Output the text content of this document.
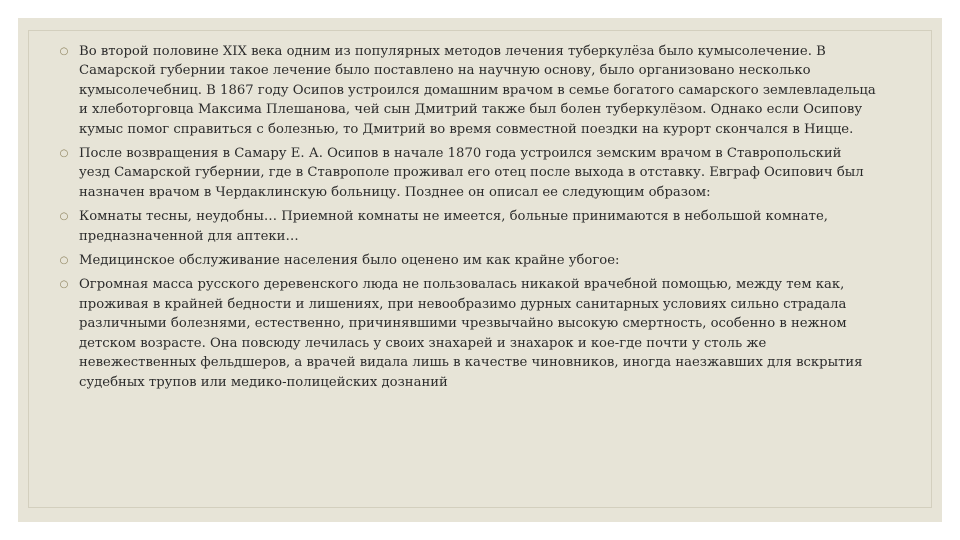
○ Во второй половине XIX века одним из популярных методов лечения туберкулёза было кумысолечение. В Самарской губернии такое лечение было поставлено на научную основу, было организовано несколько кумысолечебниц. В 1867 году Осипов устроился домашним врачом в семье богатого самарского землевладельца и хлеботорговца Максима Плешанова, чей сын Дмитрий также был болен туберкулёзом. Однако если Осипову кумыс помог справиться с болезнью, то Дмитрий во время совместной поездки на курорт скончался в Ницце.
○ После возвращения в Самару Е. А. Осипов в начале 1870 года устроился земским врачом в Ставропольский уезд Самарской губернии, где в Ставрополе проживал его отец после выхода в отставку. Евграф Осипович был назначен врачом в Чердаклинскую больницу. Позднее он описал ее следующим образом:
○ Комнаты тесны, неудобны… Приемной комнаты не имеется, больные принимаются в небольшой комнате, предназначенной для аптеки…
○ Медицинское обслуживание населения было оценено им как крайне убогое:
○ Огромная масса русского деревенского люда не пользовалась никакой врачебной помощью, между тем как, проживая в крайней бедности и лишениях, при невообразимо дурных санитарных условиях сильно страдала различными болезнями, естественно, причинявшими чрезвычайно высокую смертность, особенно в нежном детском возрасте. Она повсюду лечилась у своих знахарей и знахарок и кое-где почти у столь же невежественных фельдшеров, а врачей видала лишь в качестве чиновников, иногда наезжавших для вскрытия судебных трупов или медико-полицейских дознаний
